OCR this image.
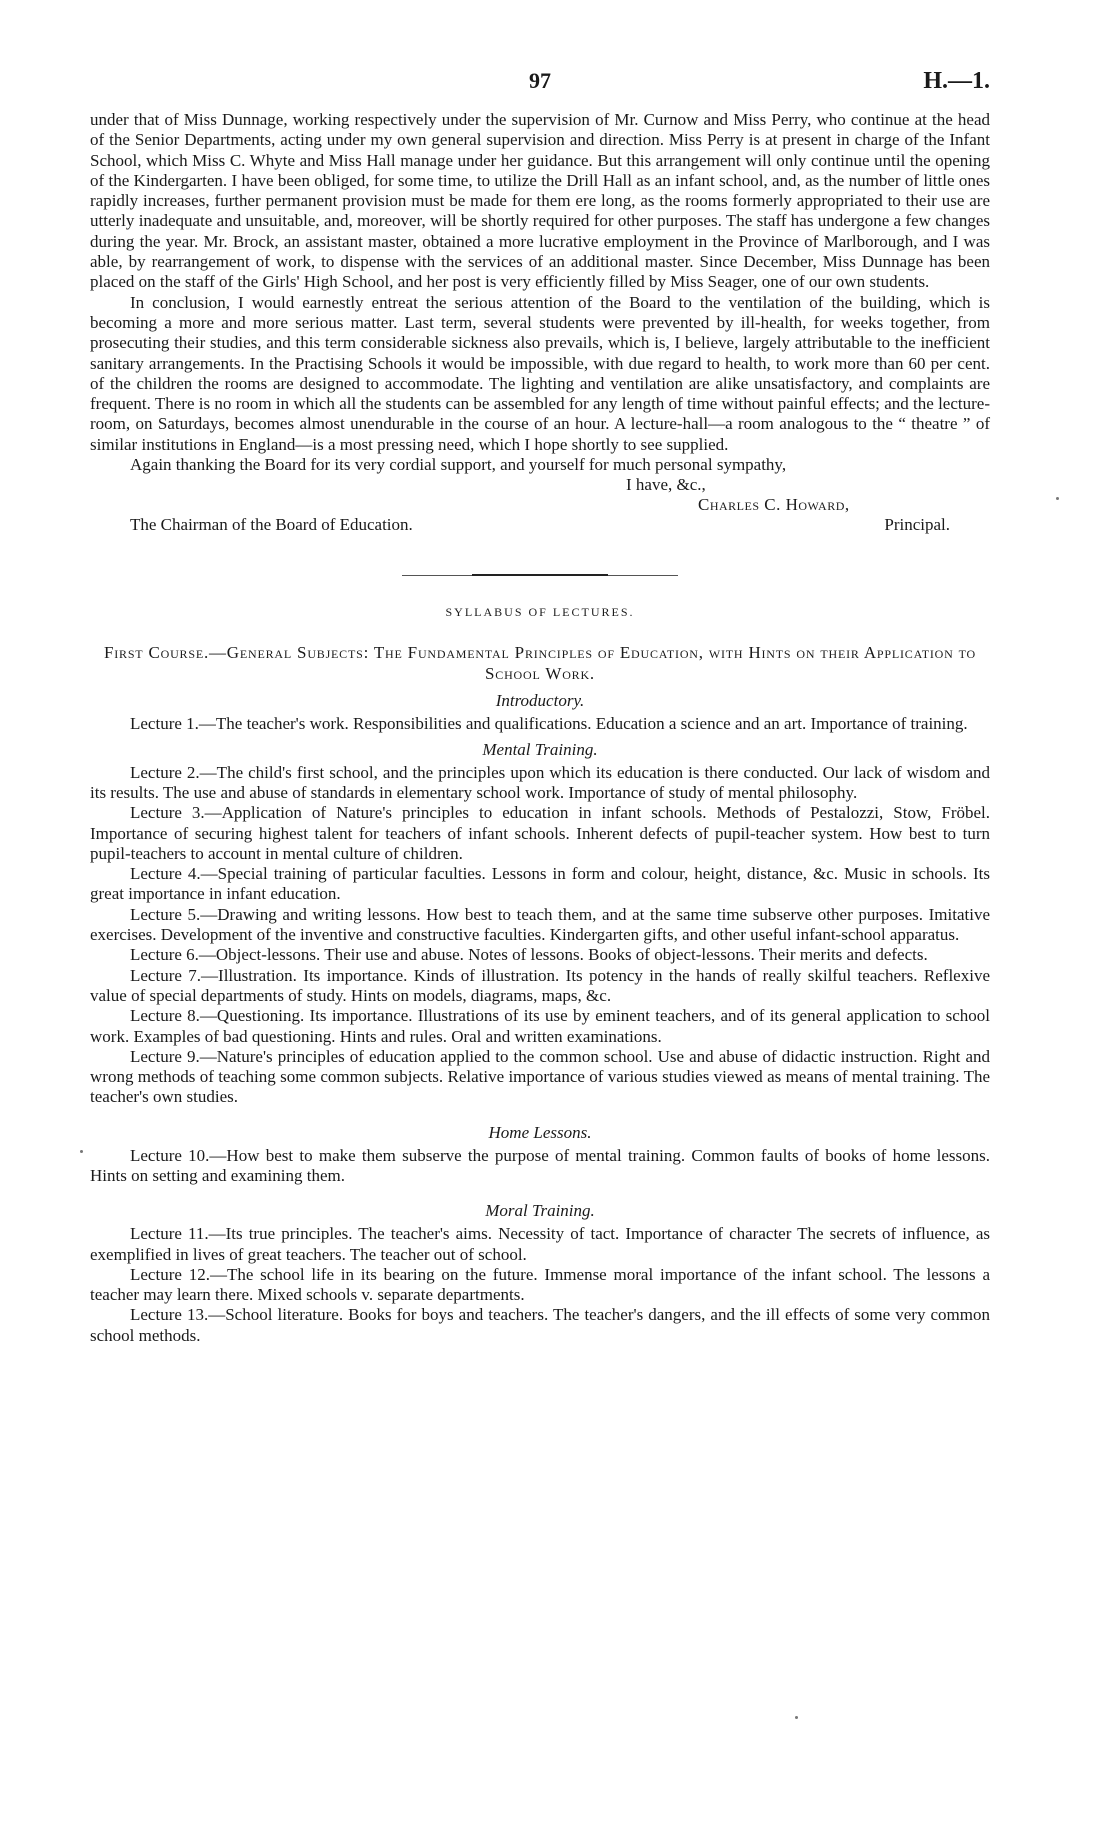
97	H.—1.

under that of Miss Dunnage, working respectively under the supervision of Mr. Curnow and Miss Perry, who continue at the head of the Senior Departments, acting under my own general supervision and direction. Miss Perry is at present in charge of the Infant School, which Miss C. Whyte and Miss Hall manage under her guidance. But this arrangement will only continue until the opening of the Kindergarten. I have been obliged, for some time, to utilize the Drill Hall as an infant school, and, as the number of little ones rapidly increases, further permanent provision must be made for them ere long, as the rooms formerly appropriated to their use are utterly inadequate and unsuitable, and, moreover, will be shortly required for other purposes. The staff has undergone a few changes during the year. Mr. Brock, an assistant master, obtained a more lucrative employment in the Province of Marlborough, and I was able, by rearrangement of work, to dispense with the services of an additional master. Since December, Miss Dunnage has been placed on the staff of the Girls' High School, and her post is very efficiently filled by Miss Seager, one of our own students.

In conclusion, I would earnestly entreat the serious attention of the Board to the ventilation of the building, which is becoming a more and more serious matter. Last term, several students were prevented by ill-health, for weeks together, from prosecuting their studies, and this term considerable sickness also prevails, which is, I believe, largely attributable to the inefficient sanitary arrangements. In the Practising Schools it would be impossible, with due regard to health, to work more than 60 per cent. of the children the rooms are designed to accommodate. The lighting and ventilation are alike unsatisfactory, and complaints are frequent. There is no room in which all the students can be assembled for any length of time without painful effects; and the lecture-room, on Saturdays, becomes almost unendurable in the course of an hour. A lecture-hall—a room analogous to the “ theatre ” of similar institutions in England—is a most pressing need, which I hope shortly to see supplied.

Again thanking the Board for its very cordial support, and yourself for much personal sympathy,

I have, &c.,
Charles C. Howard,
The Chairman of the Board of Education.	Principal.
SYLLABUS OF LECTURES.
First Course.—General Subjects: The Fundamental Principles of Education, with Hints on their Application to School Work.
Introductory.

Lecture 1.—The teacher's work. Responsibilities and qualifications. Education a science and an art. Importance of training.

Mental Training.

Lecture 2.—The child's first school, and the principles upon which its education is there conducted. Our lack of wisdom and its results. The use and abuse of standards in elementary school work. Importance of study of mental philosophy.

Lecture 3.—Application of Nature's principles to education in infant schools. Methods of Pestalozzi, Stow, Fröbel. Importance of securing highest talent for teachers of infant schools. Inherent defects of pupil-teacher system. How best to turn pupil-teachers to account in mental culture of children.

Lecture 4.—Special training of particular faculties. Lessons in form and colour, height, distance, &c. Music in schools. Its great importance in infant education.

Lecture 5.—Drawing and writing lessons. How best to teach them, and at the same time subserve other purposes. Imitative exercises. Development of the inventive and constructive faculties. Kindergarten gifts, and other useful infant-school apparatus.

Lecture 6.—Object-lessons. Their use and abuse. Notes of lessons. Books of object-lessons. Their merits and defects.

Lecture 7.—Illustration. Its importance. Kinds of illustration. Its potency in the hands of really skilful teachers. Reflexive value of special departments of study. Hints on models, diagrams, maps, &c.

Lecture 8.—Questioning. Its importance. Illustrations of its use by eminent teachers, and of its general application to school work. Examples of bad questioning. Hints and rules. Oral and written examinations.

Lecture 9.—Nature's principles of education applied to the common school. Use and abuse of didactic instruction. Right and wrong methods of teaching some common subjects. Relative importance of various studies viewed as means of mental training. The teacher's own studies.

Home Lessons.

Lecture 10.—How best to make them subserve the purpose of mental training. Common faults of books of home lessons. Hints on setting and examining them.

Moral Training.

Lecture 11.—Its true principles. The teacher's aims. Necessity of tact. Importance of character The secrets of influence, as exemplified in lives of great teachers. The teacher out of school.

Lecture 12.—The school life in its bearing on the future. Immense moral importance of the infant school. The lessons a teacher may learn there. Mixed schools v. separate departments.

Lecture 13.—School literature. Books for boys and teachers. The teacher's dangers, and the ill effects of some very common school methods.
